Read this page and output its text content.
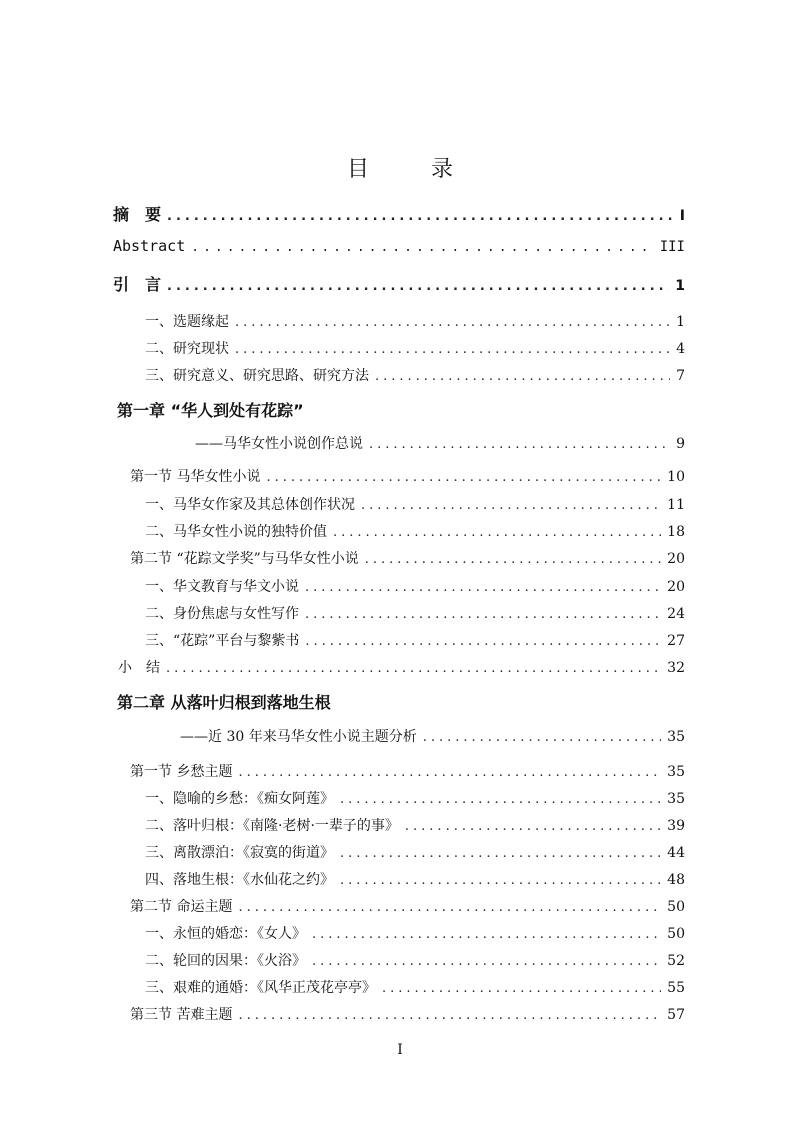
目　录
摘　要 .....	I
Abstract .....	III
引　言 .....	1
一、选题缘起 .....	1
二、研究现状 .....	4
三、研究意义、研究思路、研究方法 .....	7
第一章 “华人到处有花踪”
——马华女性小说创作总说 .....	9
第一节 马华女性小说 .....	10
一、马华女作家及其总体创作状况 .....	11
二、马华女性小说的独特价值 .....	18
第二节 “花踪文学奖”与马华女性小说 .....	20
一、华文教育与华文小说 .....	20
二、身份焦虑与女性写作 .....	24
三、“花踪”平台与黎紫书 .....	27
小　结 .....	32
第二章 从落叶归根到落地生根
——近 30 年来马华女性小说主题分析 .....	35
第一节 乡愁主题 .....	35
一、隐喻的乡愁：《痴女阿莲》 .....	35
二、落叶归根：《南隆·老树·一辈子的事》 .....	39
三、离散漂泊：《寂寞的街道》 .....	44
四、落地生根：《水仙花之约》 .....	48
第二节 命运主题 .....	50
一、永恒的婚恋：《女人》 .....	50
二、轮回的因果：《火浴》 .....	52
三、艰难的通婚：《风华正茂花亭亭》 .....	55
第三节 苦难主题 .....	57
I
